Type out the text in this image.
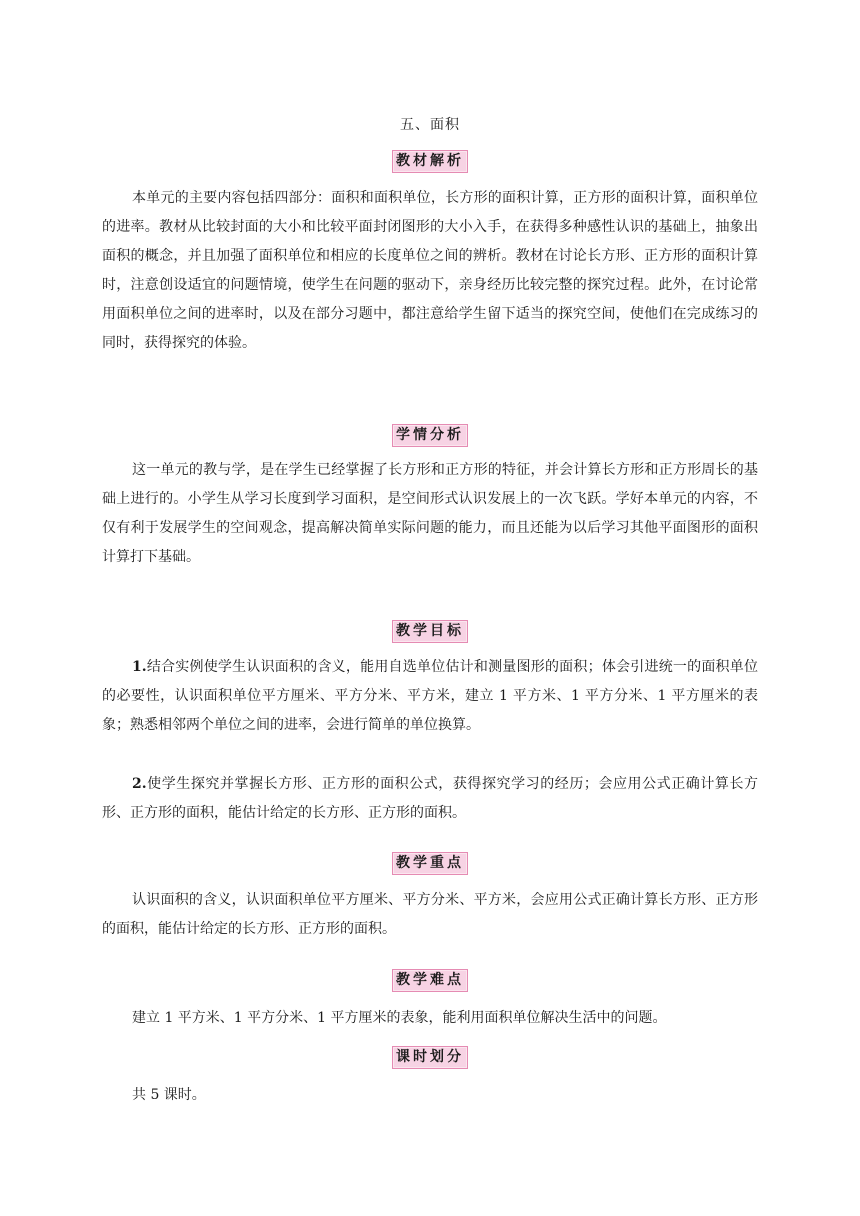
五、面积
教材解析

本单元的主要内容包括四部分：面积和面积单位，长方形的面积计算，正方形的面积计算，面积单位的进率。教材从比较封面的大小和比较平面封闭图形的大小入手，在获得多种感性认识的基础上，抽象出面积的概念，并且加强了面积单位和相应的长度单位之间的辨析。教材在讨论长方形、正方形的面积计算时，注意创设适宜的问题情境，使学生在问题的驱动下，亲身经历比较完整的探究过程。此外，在讨论常用面积单位之间的进率时，以及在部分习题中，都注意给学生留下适当的探究空间，使他们在完成练习的同时，获得探究的体验。

学情分析

这一单元的教与学，是在学生已经掌握了长方形和正方形的特征，并会计算长方形和正方形周长的基础上进行的。小学生从学习长度到学习面积，是空间形式认识发展上的一次飞跃。学好本单元的内容，不仅有利于发展学生的空间观念，提高解决简单实际问题的能力，而且还能为以后学习其他平面图形的面积计算打下基础。

教学目标

1.结合实例使学生认识面积的含义，能用自选单位估计和测量图形的面积；体会引进统一的面积单位的必要性，认识面积单位平方厘米、平方分米、平方米，建立 1 平方米、1 平方分米、1 平方厘米的表象；熟悉相邻两个单位之间的进率，会进行简单的单位换算。

2.使学生探究并掌握长方形、正方形的面积公式，获得探究学习的经历；会应用公式正确计算长方形、正方形的面积，能估计给定的长方形、正方形的面积。

教学重点

认识面积的含义，认识面积单位平方厘米、平方分米、平方米，会应用公式正确计算长方形、正方形的面积，能估计给定的长方形、正方形的面积。

教学难点

建立 1 平方米、1 平方分米、1 平方厘米的表象，能利用面积单位解决生活中的问题。

课时划分

共 5 课时。
